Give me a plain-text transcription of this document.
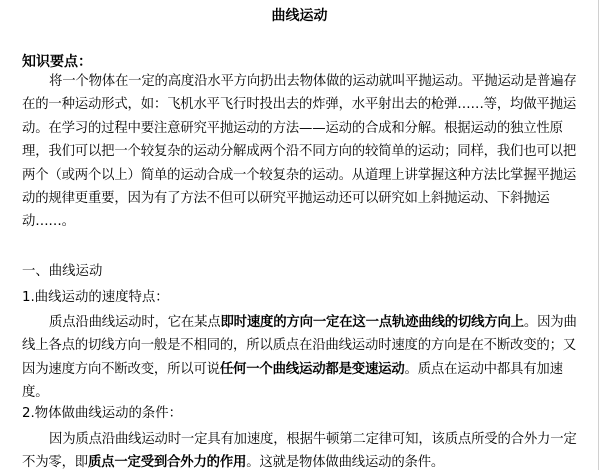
曲线运动
知识要点：

将一个物体在一定的高度沿水平方向扔出去物体做的运动就叫平抛运动。平抛运动是普遍存在的一种运动形式，如：飞机水平飞行时投出去的炸弹，水平射出去的枪弹……等，均做平抛运动。在学习的过程中要注意研究平抛运动的方法——运动的合成和分解。根据运动的独立性原理，我们可以把一个较复杂的运动分解成两个沿不同方向的较简单的运动；同样，我们也可以把两个（或两个以上）简单的运动合成一个较复杂的运动。从道理上讲掌握这种方法比掌握平抛运动的规律更重要，因为有了方法不但可以研究平抛运动还可以研究如上斜抛运动、下斜抛运动……。

一、曲线运动
1.曲线运动的速度特点：

质点沿曲线运动时，它在某点即时速度的方向一定在这一点轨迹曲线的切线方向上。因为曲线上各点的切线方向一般是不相同的，所以质点在沿曲线运动时速度的方向是在不断改变的；又因为速度方向不断改变，所以可说任何一个曲线运动都是变速运动。质点在运动中都具有加速度。

2.物体做曲线运动的条件：

因为质点沿曲线运动时一定具有加速度，根据牛顿第二定律可知，该质点所受的合外力一定不为零，即质点一定受到合外力的作用。这就是物体做曲线运动的条件。
